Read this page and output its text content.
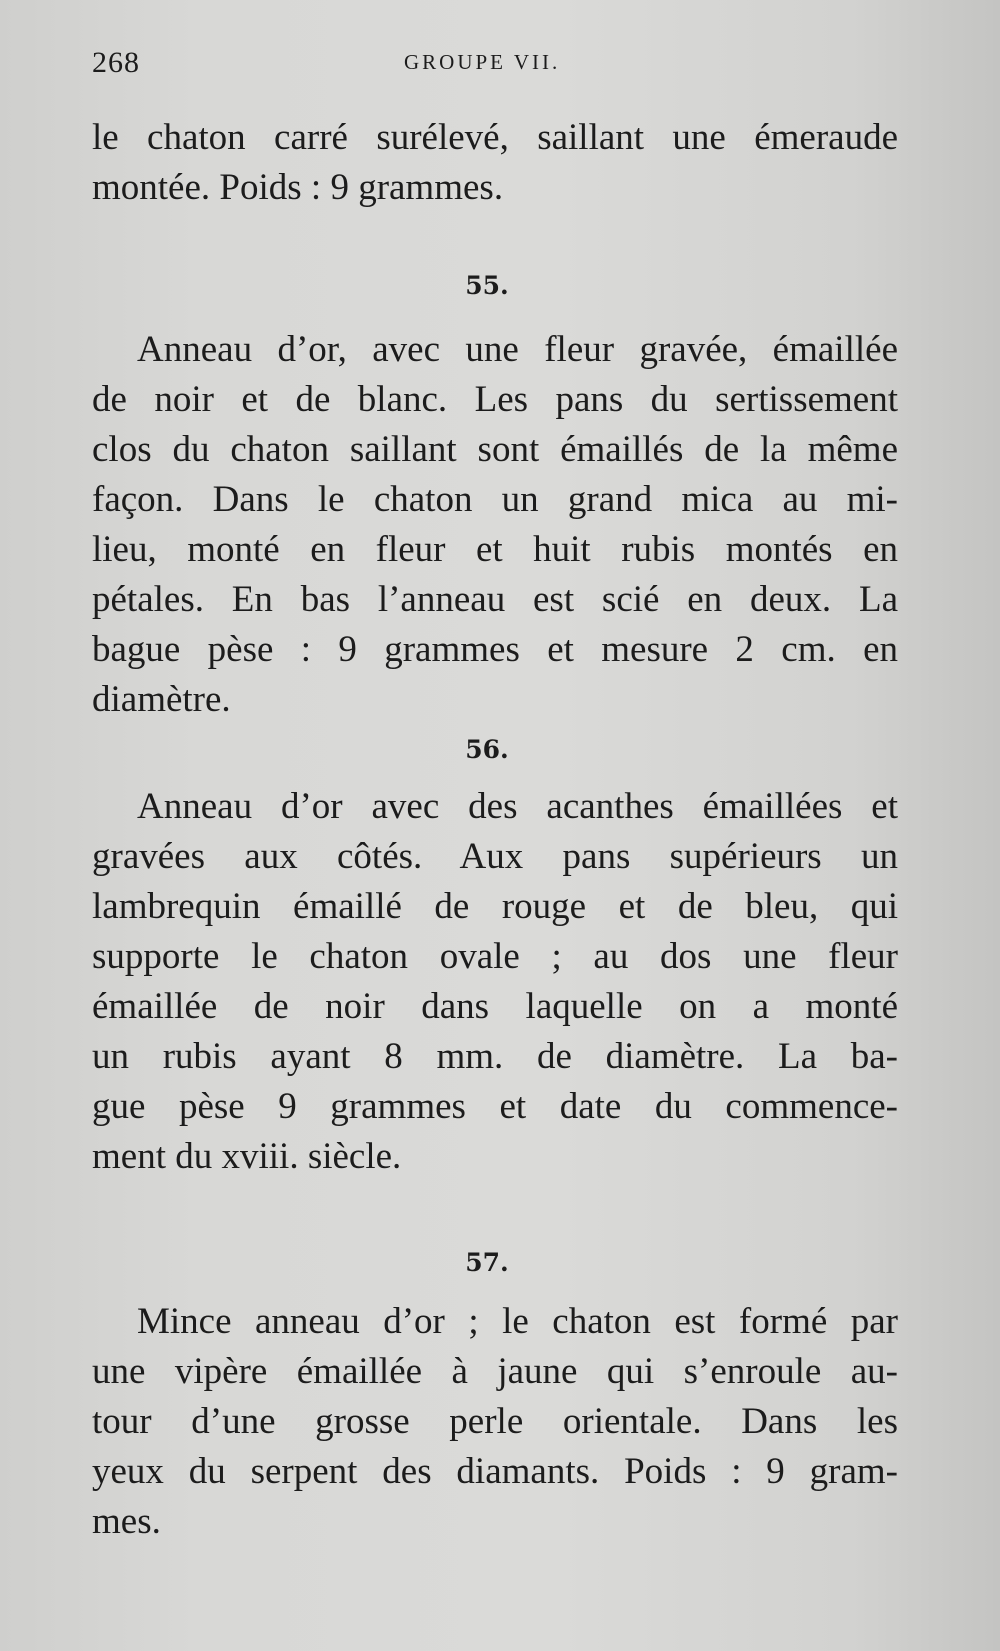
268	GROUPE VII.
le chaton carré surélevé, saillant une émeraude
montée. Poids : 9 grammes.
55.
Anneau d’or, avec une fleur gravée, émaillée
de noir et de blanc. Les pans du sertissement
clos du chaton saillant sont émaillés de la même
façon. Dans le chaton un grand mica au mi-
lieu, monté en fleur et huit rubis montés en
pétales. En bas l’anneau est scié en deux. La
bague pèse : 9 grammes et mesure 2 cm. en
diamètre.
56.
Anneau d’or avec des acanthes émaillées et
gravées aux côtés. Aux pans supérieurs un
lambrequin émaillé de rouge et de bleu, qui
supporte le chaton ovale ; au dos une fleur
émaillée de noir dans laquelle on a monté
un rubis ayant 8 mm. de diamètre. La ba-
gue pèse 9 grammes et date du commence-
ment du xviii. siècle.
57.
Mince anneau d’or ; le chaton est formé par
une vipère émaillée à jaune qui s’enroule au-
tour d’une grosse perle orientale. Dans les
yeux du serpent des diamants. Poids : 9 gram-
mes.
